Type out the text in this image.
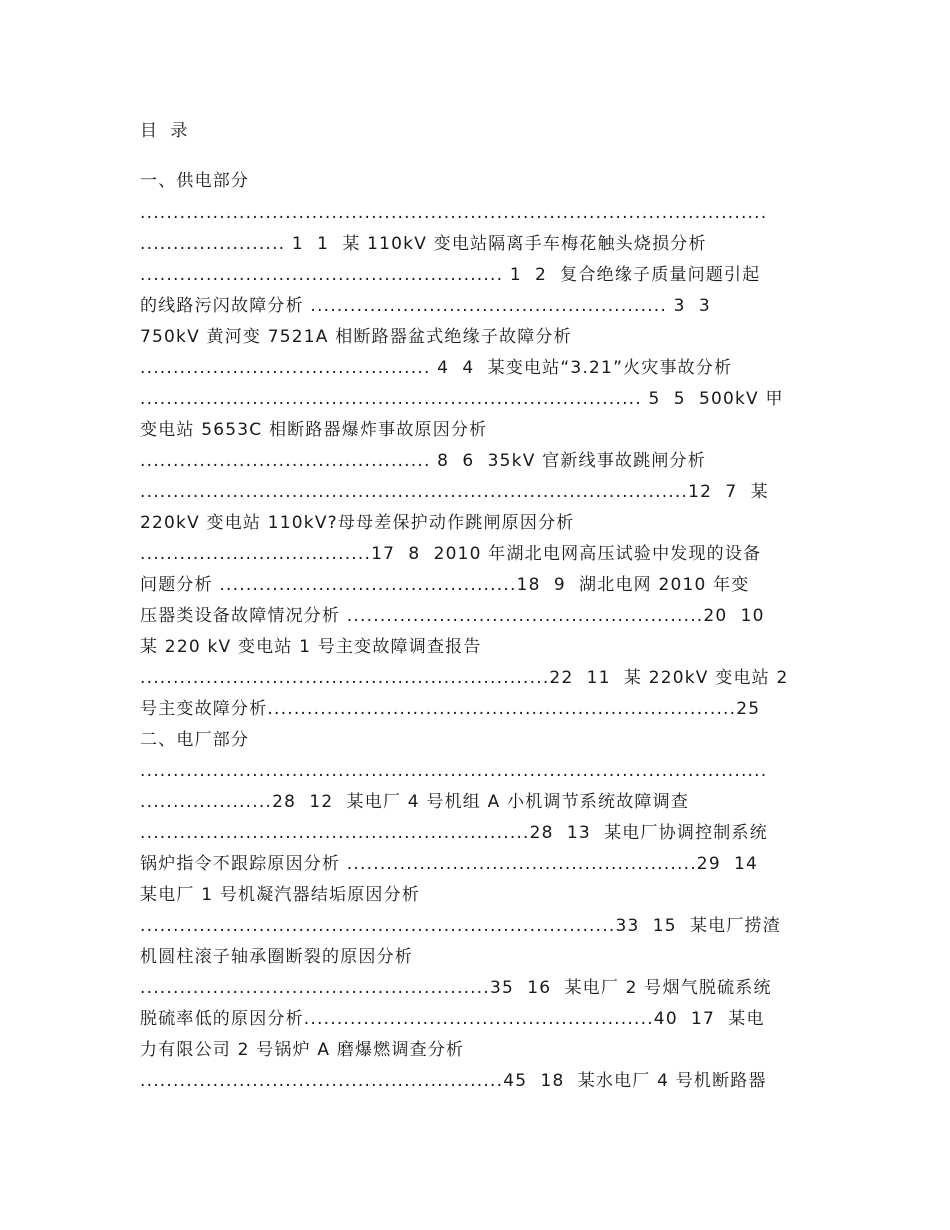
目 录
一、供电部分
...............................................................................................
...................... 1  1  某 110kV 变电站隔离手车梅花触头烧损分析
....................................................... 1  2  复合绝缘子质量问题引起
的线路污闪故障分析 ...................................................... 3  3
750kV 黄河变 7521A 相断路器盆式绝缘子故障分析
............................................ 4  4  某变电站“3.21”火灾事故分析
............................................................................ 5  5  500kV 甲
变电站 5653C 相断路器爆炸事故原因分析
............................................ 8  6  35kV 官新线事故跳闸分析
...................................................................................12  7  某
220kV 变电站 110kV?母母差保护动作跳闸原因分析
...................................17  8  2010 年湖北电网高压试验中发现的设备
问题分析 .............................................18  9  湖北电网 2010 年变
压器类设备故障情况分析 ......................................................20  10
某 220 kV 变电站 1 号主变故障调查报告
..............................................................22  11  某 220kV 变电站 2
号主变故障分析.......................................................................25
二、电厂部分
...............................................................................................
....................28  12  某电厂 4 号机组 A 小机调节系统故障调查
...........................................................28  13  某电厂协调控制系统
锅炉指令不跟踪原因分析 .....................................................29  14
某电厂 1 号机凝汽器结垢原因分析
........................................................................33  15  某电厂捞渣
机圆柱滚子轴承圈断裂的原因分析
.....................................................35  16  某电厂 2 号烟气脱硫系统
脱硫率低的原因分析.....................................................40  17  某电
力有限公司 2 号锅炉 A 磨爆燃调查分析
.......................................................45  18  某水电厂 4 号机断路器
